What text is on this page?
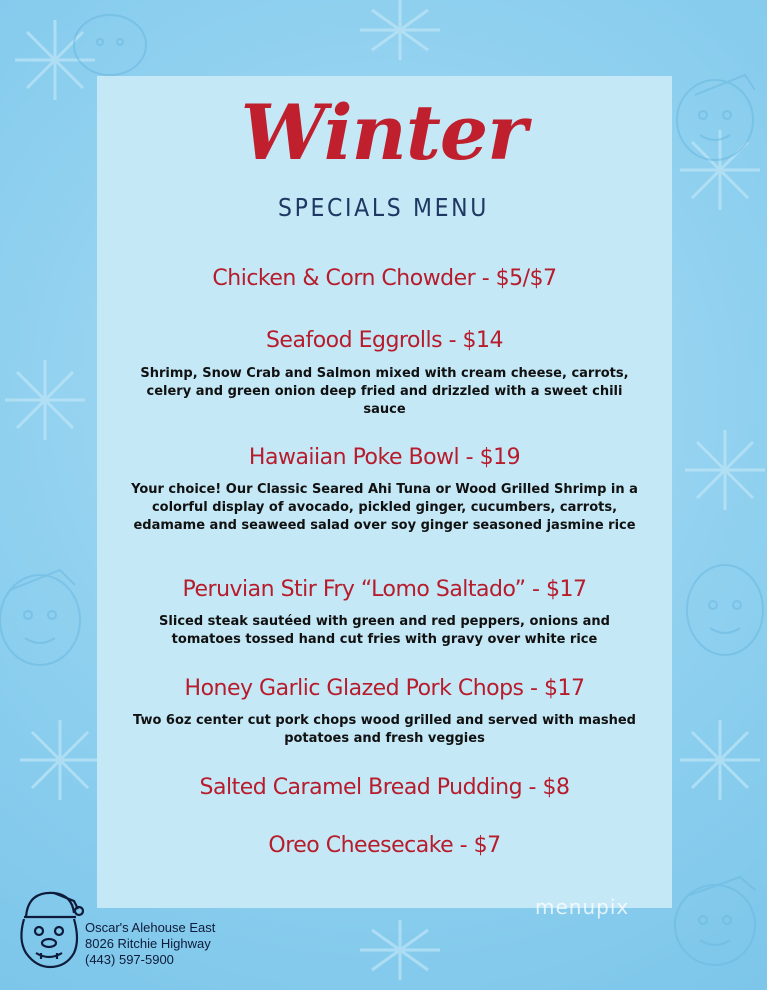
Winter
SPECIALS MENU
Chicken & Corn Chowder - $5/$7
Seafood Eggrolls - $14
Shrimp, Snow Crab and Salmon mixed with cream cheese, carrots, celery and green onion deep fried and drizzled with a sweet chili sauce
Hawaiian Poke Bowl - $19
Your choice! Our Classic Seared Ahi Tuna or Wood Grilled Shrimp in a colorful display of avocado, pickled ginger, cucumbers, carrots, edamame and seaweed salad over soy ginger seasoned jasmine rice
Peruvian Stir Fry “Lomo Saltado” - $17
Sliced steak sautéed with green and red peppers, onions and tomatoes tossed hand cut fries with gravy over white rice
Honey Garlic Glazed Pork Chops - $17
Two 6oz center cut pork chops wood grilled and served with mashed potatoes and fresh veggies
Salted Caramel Bread Pudding - $8
Oreo Cheesecake - $7
Oscar's Alehouse East
8026 Ritchie Highway
(443) 597-5900
menupix
